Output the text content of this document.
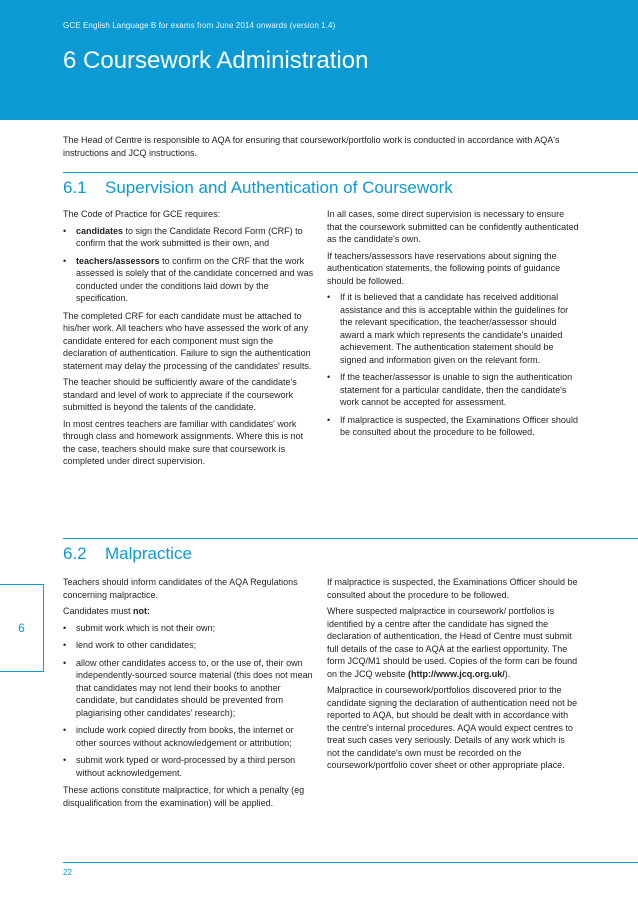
GCE English Language B for exams from June 2014 onwards (version 1.4)
6 Coursework Administration

The Head of Centre is responsible to AQA for ensuring that coursework/portfolio work is conducted in accordance with AQA's instructions and JCQ instructions.

6.1 Supervision and Authentication of Coursework

The Code of Practice for GCE requires:

• candidates to sign the Candidate Record Form (CRF) to confirm that the work submitted is their own, and
• teachers/assessors to confirm on the CRF that the work assessed is solely that of the candidate concerned and was conducted under the conditions laid down by the specification.

The completed CRF for each candidate must be attached to his/her work. All teachers who have assessed the work of any candidate entered for each component must sign the declaration of authentication. Failure to sign the authentication statement may delay the processing of the candidates' results.

The teacher should be sufficiently aware of the candidate's standard and level of work to appreciate if the coursework submitted is beyond the talents of the candidate.

In most centres teachers are familiar with candidates' work through class and homework assignments. Where this is not the case, teachers should make sure that coursework is completed under direct supervision.

In all cases, some direct supervision is necessary to ensure that the coursework submitted can be confidently authenticated as the candidate's own.

If teachers/assessors have reservations about signing the authentication statements, the following points of guidance should be followed.

• If it is believed that a candidate has received additional assistance and this is acceptable within the guidelines for the relevant specification, the teacher/assessor should award a mark which represents the candidate's unaided achievement. The authentication statement should be signed and information given on the relevant form.
• If the teacher/assessor is unable to sign the authentication statement for a particular candidate, then the candidate's work cannot be accepted for assessment.
• If malpractice is suspected, the Examinations Officer should be consulted about the procedure to be followed.
6.2 Malpractice

Teachers should inform candidates of the AQA Regulations concerning malpractice.

Candidates must not:

• submit work which is not their own;
• lend work to other candidates;
• allow other candidates access to, or the use of, their own independently-sourced source material (this does not mean that candidates may not lend their books to another candidate, but candidates should be prevented from plagiarising other candidates' research);
• include work copied directly from books, the internet or other sources without acknowledgement or attribution;
• submit work typed or word-processed by a third person without acknowledgement.

These actions constitute malpractice, for which a penalty (eg disqualification from the examination) will be applied.

If malpractice is suspected, the Examinations Officer should be consulted about the procedure to be followed.

Where suspected malpractice in coursework/ portfolios is identified by a centre after the candidate has signed the declaration of authentication, the Head of Centre must submit full details of the case to AQA at the earliest opportunity. The form JCQ/M1 should be used. Copies of the form can be found on the JCQ website (http://www.jcq.org.uk/).

Malpractice in coursework/portfolios discovered prior to the candidate signing the declaration of authentication need not be reported to AQA, but should be dealt with in accordance with the centre's internal procedures. AQA would expect centres to treat such cases very seriously. Details of any work which is not the candidate's own must be recorded on the coursework/portfolio cover sheet or other appropriate place.

6
22
